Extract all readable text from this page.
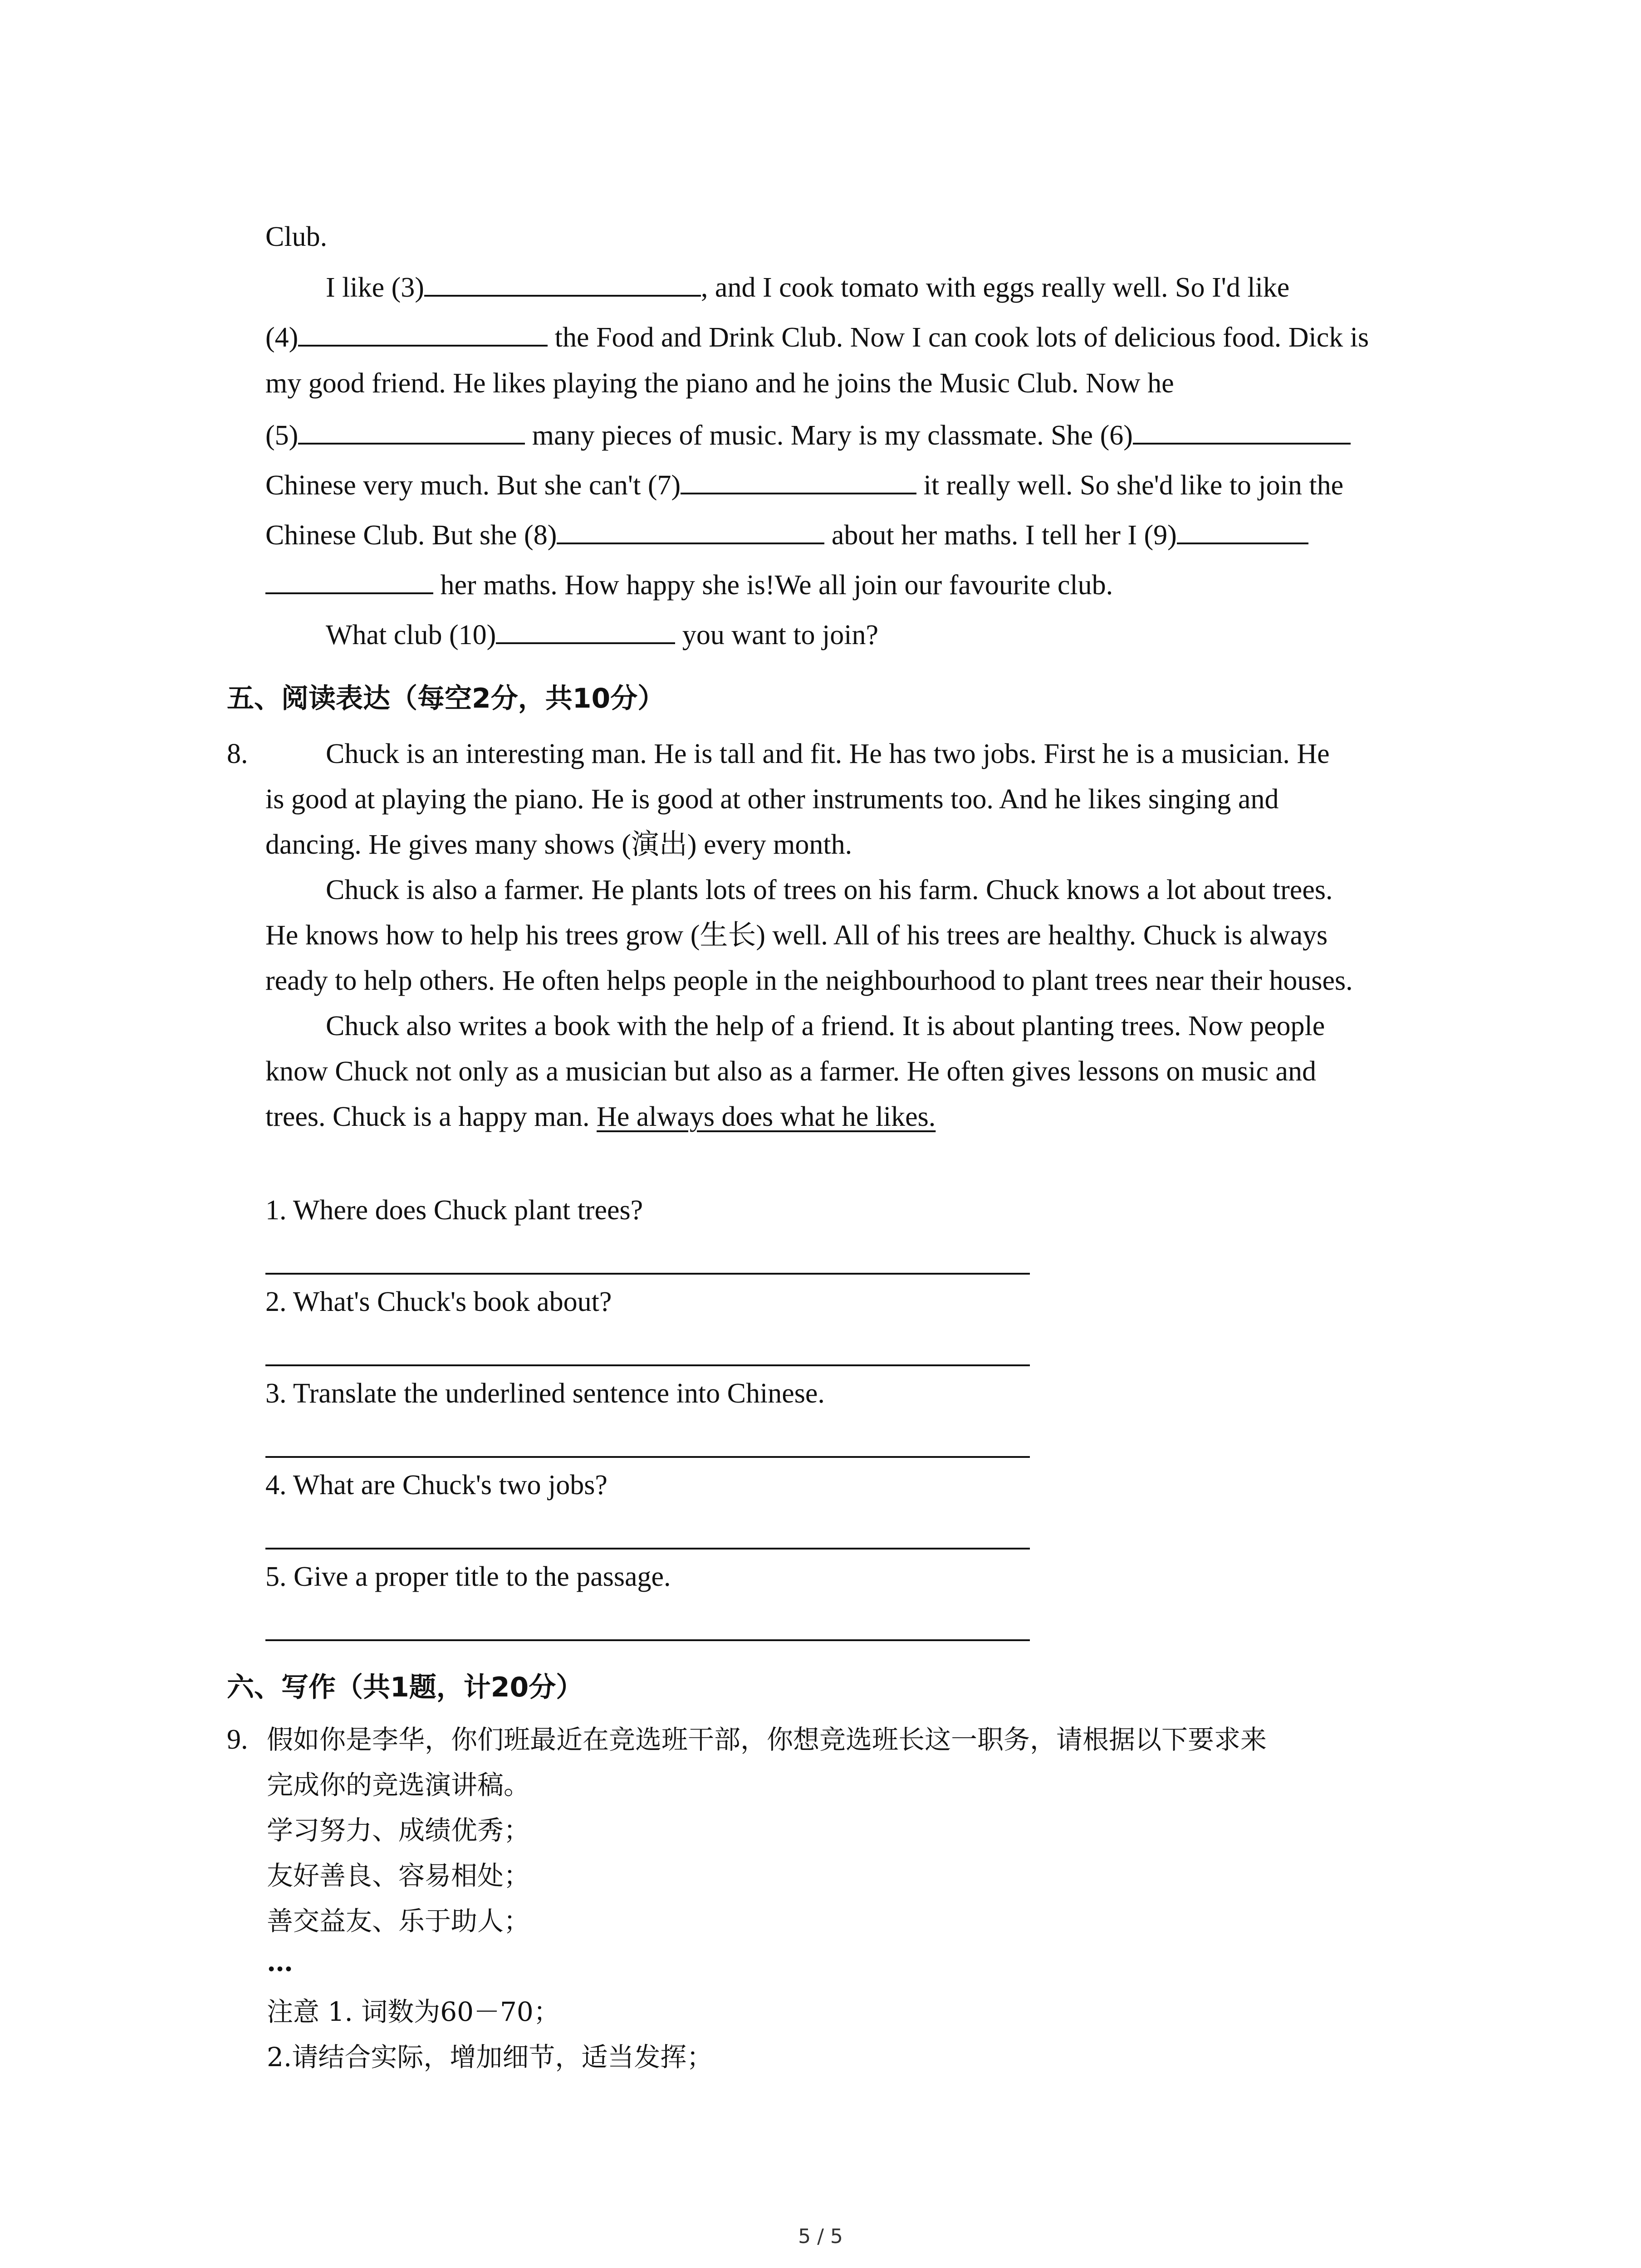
Club.
I like (3)	, and I cook tomato with eggs really well. So I'd like
(4)	the Food and Drink Club. Now I can cook lots of delicious food. Dick is
my good friend. He likes playing the piano and he joins the Music Club. Now he
(5)	many pieces of music. Mary is my classmate. She (6)
Chinese very much. But she can't (7)	it really well. So she'd like to join the
Chinese Club. But she (8)	about her maths. I tell her I (9)
her maths. How happy she is!We all join our favourite club.
What club (10)	you want to join?
五、阅读表达（每空2分，共10分）
8.	Chuck is an interesting man. He is tall and fit. He has two jobs. First he is a musician. He
is good at playing the piano. He is good at other instruments too. And he likes singing and
dancing. He gives many shows (演出) every month.
Chuck is also a farmer. He plants lots of trees on his farm. Chuck knows a lot about trees.
He knows how to help his trees grow (生长) well. All of his trees are healthy. Chuck is always
ready to help others. He often helps people in the neighbourhood to plant trees near their houses.
Chuck also writes a book with the help of a friend. It is about planting trees. Now people
know Chuck not only as a musician but also as a farmer. He often gives lessons on music and
trees. Chuck is a happy man. He always does what he likes.
1. Where does Chuck plant trees?
2. What's Chuck's book about?
3. Translate the underlined sentence into Chinese.
4. What are Chuck's two jobs?
5. Give a proper title to the passage.
六、写作（共1题，计20分）
9. 假如你是李华，你们班最近在竞选班干部，你想竞选班长这一职务，请根据以下要求来
完成你的竞选演讲稿。
学习努力、成绩优秀；
友好善良、容易相处；
善交益友、乐于助人；
…
注意 1. 词数为60－70；
2.请结合实际，增加细节，适当发挥；
5 / 5
